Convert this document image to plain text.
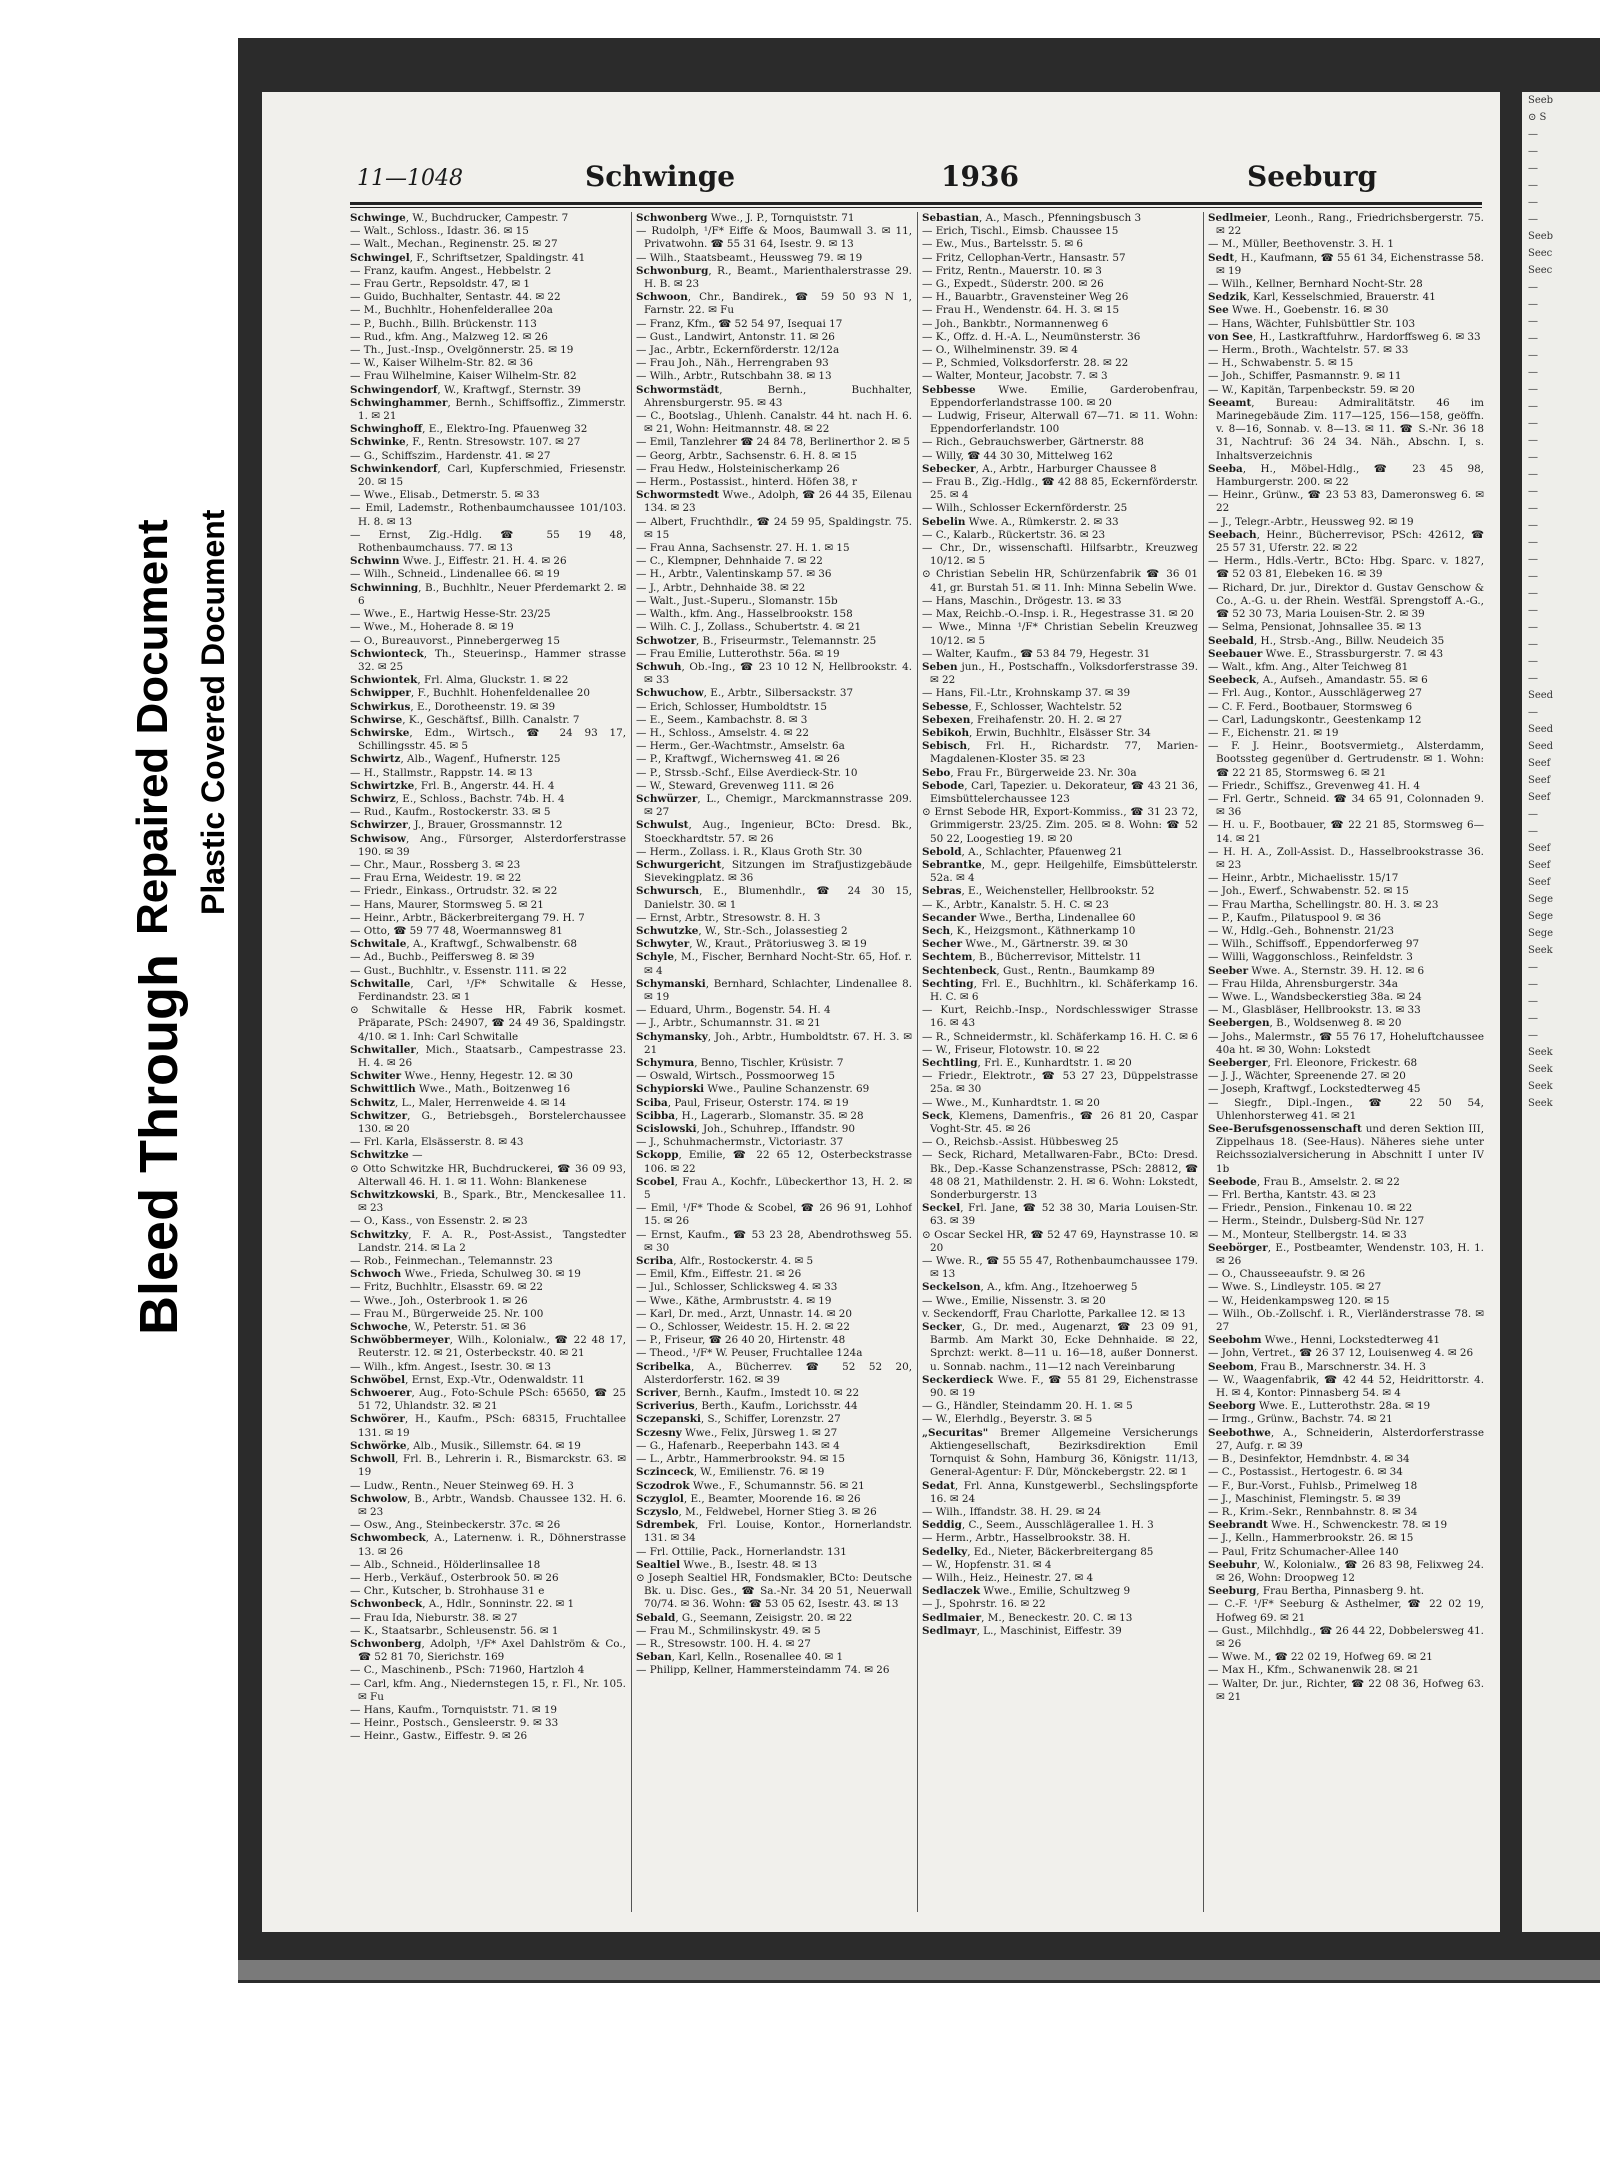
Bleed Through
Repaired Document Plastic Covered Document
Seeb
⊙ S
—
—
—
—
—
—
Seeb
Seec
Seec
—
—
—
—
—
—
—
—
—
—
—
—
—
—
—
—
—
—
—
—
—
—
—
—
Seed
—
Seed
Seed
Seef
Seef
Seef
—
—
Seef
Seef
Seef
Sege
Sege
Sege
Seek
—
—
—
—
—
Seek
Seek
Seek
Seek
11—1048	Schwinge	1936	Seeburg

Schwinge, W., Buchdrucker, Campestr. 7

— Walt., Schloss., Idastr. 36. ✉ 15

— Walt., Mechan., Reginenstr. 25. ✉ 27

Schwingel, F., Schriftsetzer, Spaldingstr. 41

— Franz, kaufm. Angest., Hebbelstr. 2

— Frau Gertr., Repsoldstr. 47, ✉ 1

— Guido, Buchhalter, Sentastr. 44. ✉ 22

— M., Buchhltr., Hohenfelderallee 20a

— P., Buchh., Billh. Brückenstr. 113

— Rud., kfm. Ang., Malzweg 12. ✉ 26

— Th., Just.-Insp., Ovelgönnerstr. 25. ✉ 19

— W., Kaiser Wilhelm-Str. 82. ✉ 36

— Frau Wilhelmine, Kaiser Wilhelm-Str. 82

Schwingendorf, W., Kraftwgf., Sternstr. 39

Schwinghammer, Bernh., Schiffsoffiz., Zimmerstr. 1. ✉ 21

Schwinghoff, E., Elektro-Ing. Pfauenweg 32

Schwinke, F., Rentn. Stresowstr. 107. ✉ 27

— G., Schiffszim., Hardenstr. 41. ✉ 27

Schwinkendorf, Carl, Kupferschmied, Friesenstr. 20. ✉ 15

— Wwe., Elisab., Detmerstr. 5. ✉ 33

— Emil, Lademstr., Rothenbaumchaussee 101/103. H. 8. ✉ 13

— Ernst, Zig.-Hdlg. ☎ 55 19 48, Rothenbaumchauss. 77. ✉ 13

Schwinn Wwe. J., Eiffestr. 21. H. 4. ✉ 26

— Wilh., Schneid., Lindenallee 66. ✉ 19

Schwinning, B., Buchhltr., Neuer Pferdemarkt 2. ✉ 6

— Wwe., E., Hartwig Hesse-Str. 23/25

— Wwe., M., Hoherade 8. ✉ 19

— O., Bureauvorst., Pinnebergerweg 15

Schwionteck, Th., Steuerinsp., Hammer strasse 32. ✉ 25

Schwiontek, Frl. Alma, Gluckstr. 1. ✉ 22

Schwipper, F., Buchhlt. Hohenfeldenallee 20

Schwirkus, E., Dorotheenstr. 19. ✉ 39

Schwirse, K., Geschäftsf., Billh. Canalstr. 7

Schwirske, Edm., Wirtsch., ☎ 24 93 17, Schillingsstr. 45. ✉ 5

Schwirtz, Alb., Wagenf., Hufnerstr. 125

— H., Stallmstr., Rappstr. 14. ✉ 13

Schwirtzke, Frl. B., Angerstr. 44. H. 4

Schwirz, E., Schloss., Bachstr. 74b. H. 4

— Rud., Kaufm., Rostockerstr. 33. ✉ 5

Schwirzer, J., Brauer, Grossmannstr. 12

Schwisow, Ang., Fürsorger, Alsterdorferstrasse 190. ✉ 39

— Chr., Maur., Rossberg 3. ✉ 23

— Frau Erna, Weidestr. 19. ✉ 22

— Friedr., Einkass., Ortrudstr. 32. ✉ 22

— Hans, Maurer, Stormsweg 5. ✉ 21

— Heinr., Arbtr., Bäckerbreitergang 79. H. 7

— Otto, ☎ 59 77 48, Woermannsweg 81

Schwitale, A., Kraftwgf., Schwalbenstr. 68

— Ad., Buchb., Peiffersweg 8. ✉ 39

— Gust., Buchhltr., v. Essenstr. 111. ✉ 22

Schwitalle, Carl, ¹/F* Schwitalle & Hesse, Ferdinandstr. 23. ✉ 1

⊙ Schwitalle & Hesse HR, Fabrik kosmet. Präparate, PSch: 24907, ☎ 24 49 36, Spaldingstr. 4/10. ✉ 1. Inh: Carl Schwitalle

Schwitaller, Mich., Staatsarb., Campestrasse 23. H. 4. ✉ 26

Schwiter Wwe., Henny, Hegestr. 12. ✉ 30

Schwittlich Wwe., Math., Boitzenweg 16

Schwitz, L., Maler, Herrenweide 4. ✉ 14

Schwitzer, G., Betriebsgeh., Borstelerchaussee 130. ✉ 20

— Frl. Karla, Elsässerstr. 8. ✉ 43

Schwitzke —

⊙ Otto Schwitzke HR, Buchdruckerei, ☎ 36 09 93, Alterwall 46. H. 1. ✉ 11. Wohn: Blankenese

Schwitzkowski, B., Spark., Btr., Menckesallee 11. ✉ 23

— O., Kass., von Essenstr. 2. ✉ 23

Schwitzky, F. A. R., Post-Assist., Tangstedter Landstr. 214. ✉ La 2

— Rob., Feinmechan., Telemannstr. 23

Schwoch Wwe., Frieda, Schulweg 30. ✉ 19

— Fritz, Buchhltr., Elsasstr. 69. ✉ 22

— Wwe., Joh., Osterbrook 1. ✉ 26

— Frau M., Bürgerweide 25. Nr. 100

Schwoche, W., Peterstr. 51. ✉ 36

Schwöbbermeyer, Wilh., Kolonialw., ☎ 22 48 17, Reuterstr. 12. ✉ 21, Osterbeckstr. 40. ✉ 21

— Wilh., kfm. Angest., Isestr. 30. ✉ 13

Schwöbel, Ernst, Exp.-Vtr., Odenwaldstr. 11

Schwoerer, Aug., Foto-Schule PSch: 65650, ☎ 25 51 72, Uhlandstr. 32. ✉ 21

Schwörer, H., Kaufm., PSch: 68315, Fruchtallee 131. ✉ 19

Schwörke, Alb., Musik., Sillemstr. 64. ✉ 19

Schwoll, Frl. B., Lehrerin i. R., Bismarckstr. 63. ✉ 19

— Ludw., Rentn., Neuer Steinweg 69. H. 3

Schwolow, B., Arbtr., Wandsb. Chaussee 132. H. 6. ✉ 23

— Osw., Ang., Steinbeckerstr. 37c. ✉ 26

Schwombeck, A., Laternenw. i. R., Döhnerstrasse 13. ✉ 26

— Alb., Schneid., Hölderlinsallee 18

— Herb., Verkäuf., Osterbrook 50. ✉ 26

— Chr., Kutscher, b. Strohhause 31 e

Schwonbeck, A., Hdlr., Sonninstr. 22. ✉ 1

— Frau Ida, Nieburstr. 38. ✉ 27

— K., Staatsarbr., Schleusenstr. 56. ✉ 1

Schwonberg, Adolph, ¹/F* Axel Dahlström & Co., ☎ 52 81 70, Sierichstr. 169

— C., Maschinenb., PSch: 71960, Hartzloh 4

— Carl, kfm. Ang., Niedernstegen 15, r. Fl., Nr. 105. ✉ Fu

— Hans, Kaufm., Tornquiststr. 71. ✉ 19

— Heinr., Postsch., Gensleerstr. 9. ✉ 33

— Heinr., Gastw., Eiffestr. 9. ✉ 26

Schwonberg Wwe., J. P., Tornquiststr. 71

— Rudolph, ¹/F* Eiffe & Moos, Baumwall 3. ✉ 11, Privatwohn. ☎ 55 31 64, Isestr. 9. ✉ 13

— Wilh., Staatsbeamt., Heussweg 79. ✉ 19

Schwonburg, R., Beamt., Marienthalerstrasse 29. H. B. ✉ 23

Schwoon, Chr., Bandirek., ☎ 59 50 93 N 1, Farnstr. 22. ✉ Fu

— Franz, Kfm., ☎ 52 54 97, Isequai 17

— Gust., Landwirt, Antonstr. 11. ✉ 26

— Jac., Arbtr., Eckernförderstr. 12/12a

— Frau Joh., Näh., Herrengraben 93

— Wilh., Arbtr., Rutschbahn 38. ✉ 13

Schwormstädt, Bernh., Buchhalter, Ahrensburgerstr. 95. ✉ 43

— C., Bootslag., Uhlenh. Canalstr. 44 ht. nach H. 6. ✉ 21, Wohn: Heitmannstr. 48. ✉ 22

— Emil, Tanzlehrer ☎ 24 84 78, Berlinerthor 2. ✉ 5

— Georg, Arbtr., Sachsenstr. 6. H. 8. ✉ 15

— Frau Hedw., Holsteinischerkamp 26

— Herm., Postassist., hinterd. Höfen 38, r

Schwormstedt Wwe., Adolph, ☎ 26 44 35, Eilenau 134. ✉ 23

— Albert, Fruchthdlr., ☎ 24 59 95, Spaldingstr. 75. ✉ 15

— Frau Anna, Sachsenstr. 27. H. 1. ✉ 15

— C., Klempner, Dehnhaide 7. ✉ 22

— H., Arbtr., Valentinskamp 57. ✉ 36

— J., Arbtr., Dehnhaide 38. ✉ 22

— Walt., Just.-Superu., Slomanstr. 15b

— Walth., kfm. Ang., Hasselbrookstr. 158

— Wilh. C. J., Zollass., Schubertstr. 4. ✉ 21

Schwotzer, B., Friseurmstr., Telemannstr. 25

— Frau Emilie, Lutterothstr. 56a. ✉ 19

Schwuh, Ob.-Ing., ☎ 23 10 12 N, Hellbrookstr. 4. ✉ 33

Schwuchow, E., Arbtr., Silbersackstr. 37

— Erich, Schlosser, Humboldtstr. 15

— E., Seem., Kambachstr. 8. ✉ 3

— H., Schloss., Amselstr. 4. ✉ 22

— Herm., Ger.-Wachtmstr., Amselstr. 6a

— P., Kraftwgf., Wichernsweg 41. ✉ 26

— P., Strssb.-Schf., Eilse Averdieck-Str. 10

— W., Steward, Grevenweg 111. ✉ 26

Schwürzer, L., Chemigr., Marckmannstrasse 209. ✉ 27

Schwulst, Aug., Ingenieur, BCto: Dresd. Bk., Stoeckhardtstr. 57. ✉ 26

— Herm., Zollass. i. R., Klaus Groth Str. 30

Schwurgericht, Sitzungen im Strafjustizgebäude Sievekingplatz. ✉ 36

Schwursch, E., Blumenhdlr., ☎ 24 30 15, Danielstr. 30. ✉ 1

— Ernst, Arbtr., Stresowstr. 8. H. 3

Schwutzke, W., Str.-Sch., Jolassestieg 2

Schwyter, W., Kraut., Prätoriusweg 3. ✉ 19

Schyle, M., Fischer, Bernhard Nocht-Str. 65, Hof. r. ✉ 4

Schymanski, Bernhard, Schlachter, Lindenallee 8. ✉ 19

— Eduard, Uhrm., Bogenstr. 54. H. 4

— J., Arbtr., Schumannstr. 31. ✉ 21

Schymansky, Joh., Arbtr., Humboldtstr. 67. H. 3. ✉ 21

Schymura, Benno, Tischler, Krüsistr. 7

— Oswald, Wirtsch., Possmoorweg 15

Schypiorski Wwe., Pauline Schanzenstr. 69

Sciba, Paul, Friseur, Osterstr. 174. ✉ 19

Scibba, H., Lagerarb., Slomanstr. 35. ✉ 28

Scislowski, Joh., Schuhrep., Iffandstr. 90

— J., Schuhmachermstr., Victoriastr. 37

Sckopp, Emilie, ☎ 22 65 12, Osterbeckstrasse 106. ✉ 22

Scobel, Frau A., Kochfr., Lübeckerthor 13, H. 2. ✉ 5

— Emil, ¹/F* Thode & Scobel, ☎ 26 96 91, Lohhof 15. ✉ 26

— Ernst, Kaufm., ☎ 53 23 28, Abendrothsweg 55. ✉ 30

Scriba, Alfr., Rostockerstr. 4. ✉ 5

— Emil, Kfm., Eiffestr. 21. ✉ 26

— Jul., Schlosser, Schlicksweg 4. ✉ 33

— Wwe., Käthe, Armbruststr. 4. ✉ 19

— Karl, Dr. med., Arzt, Unnastr. 14. ✉ 20

— O., Schlosser, Weidestr. 15. H. 2. ✉ 22

— P., Friseur, ☎ 26 40 20, Hirtenstr. 48

— Theod., ¹/F* W. Peuser, Fruchtallee 124a

Scribelka, A., Bücherrev. ☎ 52 52 20, Alsterdorferstr. 162. ✉ 39

Scriver, Bernh., Kaufm., Imstedt 10. ✉ 22

Scriverius, Berth., Kaufm., Lorichsstr. 44

Sczepanski, S., Schiffer, Lorenzstr. 27

Sczesny Wwe., Felix, Jürsweg 1. ✉ 27

— G., Hafenarb., Reeperbahn 143. ✉ 4

— L., Arbtr., Hammerbrookstr. 94. ✉ 15

Sczinceck, W., Emilienstr. 76. ✉ 19

Sczodrok Wwe., F., Schumannstr. 56. ✉ 21

Sczyglol, E., Beamter, Moorende 16. ✉ 26

Sczyslo, M., Feldwebel, Horner Stieg 3. ✉ 26

Sdrembek, Frl. Louise, Kontor., Hornerlandstr. 131. ✉ 34

— Frl. Ottilie, Pack., Hornerlandstr. 131

Sealtiel Wwe., B., Isestr. 48. ✉ 13

⊙ Joseph Sealtiel HR, Fondsmakler, BCto: Deutsche Bk. u. Disc. Ges., ☎ Sa.-Nr. 34 20 51, Neuerwall 70/74. ✉ 36. Wohn: ☎ 53 05 62, Isestr. 43. ✉ 13

Sebald, G., Seemann, Zeisigstr. 20. ✉ 22

— Frau M., Schmilinskystr. 49. ✉ 5

— R., Stresowstr. 100. H. 4. ✉ 27

Seban, Karl, Kelln., Rosenallee 40. ✉ 1

— Philipp, Kellner, Hammersteindamm 74. ✉ 26

Sebastian, A., Masch., Pfenningsbusch 3

— Erich, Tischl., Eimsb. Chaussee 15

— Ew., Mus., Bartelsstr. 5. ✉ 6

— Fritz, Cellophan-Vertr., Hansastr. 57

— Fritz, Rentn., Mauerstr. 10. ✉ 3

— G., Expedt., Süderstr. 200. ✉ 26

— H., Bauarbtr., Gravensteiner Weg 26

— Frau H., Wendenstr. 64. H. 3. ✉ 15

— Joh., Bankbtr., Normannenweg 6

— K., Offz. d. H.-A. L., Neumünsterstr. 36

— O., Wilhelminenstr. 39. ✉ 4

— P., Schmied, Volksdorferstr. 28. ✉ 22

— Walter, Monteur, Jacobstr. 7. ✉ 3

Sebbesse Wwe. Emilie, Garderobenfrau, Eppendorferlandstrasse 100. ✉ 20

— Ludwig, Friseur, Alterwall 67—71. ✉ 11. Wohn: Eppendorferlandstr. 100

— Rich., Gebrauchswerber, Gärtnerstr. 88

— Willy, ☎ 44 30 30, Mittelweg 162

Sebecker, A., Arbtr., Harburger Chaussee 8

— Frau B., Zig.-Hdlg., ☎ 42 88 85, Eckernförderstr. 25. ✉ 4

— Wilh., Schlosser Eckernförderstr. 25

Sebelin Wwe. A., Rümkerstr. 2. ✉ 33

— C., Kalarb., Rückertstr. 36. ✉ 23

— Chr., Dr., wissenschaftl. Hilfsarbtr., Kreuzweg 10/12. ✉ 5

⊙ Christian Sebelin HR, Schürzenfabrik ☎ 36 01 41, gr. Burstah 51. ✉ 11. Inh: Minna Sebelin Wwe.

— Hans, Maschin., Drögestr. 13. ✉ 33

— Max, Reichb.-O.-Insp. i. R., Hegestrasse 31. ✉ 20

— Wwe., Minna ¹/F* Christian Sebelin Kreuzweg 10/12. ✉ 5

— Walter, Kaufm., ☎ 53 84 79, Hegestr. 31

Seben jun., H., Postschaffn., Volksdorferstrasse 39. ✉ 22

— Hans, Fil.-Ltr., Krohnskamp 37. ✉ 39

Sebesse, F., Schlosser, Wachtelstr. 52

Sebexen, Freihafenstr. 20. H. 2. ✉ 27

Sebikoh, Erwin, Buchhltr., Elsässer Str. 34

Sebisch, Frl. H., Richardstr. 77, Marien-Magdalenen-Kloster 35. ✉ 23

Sebo, Frau Fr., Bürgerweide 23. Nr. 30a

Sebode, Carl, Tapezier. u. Dekorateur, ☎ 43 21 36, Eimsbüttelerchaussee 123

⊙ Ernst Sebode HR, Export-Kommiss., ☎ 31 23 72, Grimmigerstr. 23/25. Zim. 205. ✉ 8. Wohn: ☎ 52 50 22, Loogestieg 19. ✉ 20

Sebold, A., Schlachter, Pfauenweg 21

Sebrantke, M., gepr. Heilgehilfe, Eimsbüttelerstr. 52a. ✉ 4

Sebras, E., Weichensteller, Hellbrookstr. 52

— K., Arbtr., Kanalstr. 5. H. C. ✉ 23

Secander Wwe., Bertha, Lindenallee 60

Sech, K., Heizgsmont., Käthnerkamp 10

Secher Wwe., M., Gärtnerstr. 39. ✉ 30

Sechtem, B., Bücherrevisor, Mittelstr. 11

Sechtenbeck, Gust., Rentn., Baumkamp 89

Sechting, Frl. E., Buchhltrn., kl. Schäferkamp 16. H. C. ✉ 6

— Kurt, Reichb.-Insp., Nordschlesswiger Strasse 16. ✉ 43

— R., Schneidermstr., kl. Schäferkamp 16. H. C. ✉ 6

— W., Friseur, Flotowstr. 10. ✉ 22

Sechtling, Frl. E., Kunhardtstr. 1. ✉ 20

— Friedr., Elektrotr., ☎ 53 27 23, Düppelstrasse 25a. ✉ 30

— Wwe., M., Kunhardtstr. 1. ✉ 20

Seck, Klemens, Damenfris., ☎ 26 81 20, Caspar Voght-Str. 45. ✉ 26

— O., Reichsb.-Assist. Hübbesweg 25

— Seck, Richard, Metallwaren-Fabr., BCto: Dresd. Bk., Dep.-Kasse Schanzenstrasse, PSch: 28812, ☎ 48 08 21, Mathildenstr. 2. H. ✉ 6. Wohn: Lokstedt, Sonderburgerstr. 13

Seckel, Frl. Jane, ☎ 52 38 30, Maria Louisen-Str. 63. ✉ 39

⊙ Oscar Seckel HR, ☎ 52 47 69, Haynstrasse 10. ✉ 20

— Wwe. R., ☎ 55 55 47, Rothenbaumchaussee 179. ✉ 13

Seckelson, A., kfm. Ang., Itzehoerweg 5

— Wwe., Emilie, Nissenstr. 3. ✉ 20

v. Seckendorff, Frau Charlotte, Parkallee 12. ✉ 13

Secker, G., Dr. med., Augenarzt, ☎ 23 09 91, Barmb. Am Markt 30, Ecke Dehnhaide. ✉ 22, Sprchzt: werkt. 8—11 u. 16—18, außer Donnerst. u. Sonnab. nachm., 11—12 nach Vereinbarung

Seckerdieck Wwe. F., ☎ 55 81 29, Eichenstrasse 90. ✉ 19

— G., Händler, Steindamm 20. H. 1. ✉ 5

— W., Elerhdlg., Beyerstr. 3. ✉ 5

„Securitas" Bremer Allgemeine Versicherungs Aktiengesellschaft, Bezirksdirektion Emil Tornquist & Sohn, Hamburg 36, Königstr. 11/13, General-Agentur: F. Dür, Mönckebergstr. 22. ✉ 1

Sedat, Frl. Anna, Kunstgewerbl., Sechslingspforte 16. ✉ 24

— Wilh., Iffandstr. 38. H. 29. ✉ 24

Seddig, C., Seem., Ausschlägerallee 1. H. 3

— Herm., Arbtr., Hasselbrookstr. 38. H.

Sedelky, Ed., Nieter, Bäckerbreitergang 85

— W., Hopfenstr. 31. ✉ 4

— Wilh., Heiz., Heinestr. 27. ✉ 4

Sedlaczek Wwe., Emilie, Schultzweg 9

— J., Spohrstr. 16. ✉ 22

Sedlmaier, M., Beneckestr. 20. C. ✉ 13

Sedlmayr, L., Maschinist, Eiffestr. 39

Sedlmeier, Leonh., Rang., Friedrichsbergerstr. 75. ✉ 22

— M., Müller, Beethovenstr. 3. H. 1

Sedt, H., Kaufmann, ☎ 55 61 34, Eichenstrasse 58. ✉ 19

— Wilh., Kellner, Bernhard Nocht-Str. 28

Sedzik, Karl, Kesselschmied, Brauerstr. 41

See Wwe. H., Goebenstr. 16. ✉ 30

— Hans, Wächter, Fuhlsbüttler Str. 103

von See, H., Lastkraftfuhrw., Hardorffsweg 6. ✉ 33

— Herm., Broth., Wachtelstr. 57. ✉ 33

— H., Schwabenstr. 5. ✉ 15

— Joh., Schiffer, Pasmannstr. 9. ✉ 11

— W., Kapitän, Tarpenbeckstr. 59. ✉ 20

Seeamt, Bureau: Admiralitätstr. 46 im Marinegebäude Zim. 117—125, 156—158, geöffn. v. 8—16, Sonnab. v. 8—13. ✉ 11. ☎ S.-Nr. 36 18 31, Nachtruf: 36 24 34. Näh., Abschn. I, s. Inhaltsverzeichnis

Seeba, H., Möbel-Hdlg., ☎ 23 45 98, Hamburgerstr. 200. ✉ 22

— Heinr., Grünw., ☎ 23 53 83, Dameronsweg 6. ✉ 22

— J., Telegr.-Arbtr., Heussweg 92. ✉ 19

Seebach, Heinr., Bücherrevisor, PSch: 42612, ☎ 25 57 31, Uferstr. 22. ✉ 22

— Herm., Hdls.-Vertr., BCto: Hbg. Sparc. v. 1827, ☎ 52 03 81, Elebeken 16. ✉ 39

— Richard, Dr. jur., Direktor d. Gustav Genschow & Co., A.-G. u. der Rhein. Westfäl. Sprengstoff A.-G., ☎ 52 30 73, Maria Louisen-Str. 2. ✉ 39

— Selma, Pensionat, Johnsallee 35. ✉ 13

Seebald, H., Strsb.-Ang., Billw. Neudeich 35

Seebauer Wwe. E., Strassburgerstr. 7. ✉ 43

— Walt., kfm. Ang., Alter Teichweg 81

Seebeck, A., Aufseh., Amandastr. 55. ✉ 6

— Frl. Aug., Kontor., Ausschlägerweg 27

— C. F. Ferd., Bootbauer, Stormsweg 6

— Carl, Ladungskontr., Geestenkamp 12

— F., Eichenstr. 21. ✉ 19

— F. J. Heinr., Bootsvermietg., Alsterdamm, Bootssteg gegenüber d. Gertrudenstr. ✉ 1. Wohn: ☎ 22 21 85, Stormsweg 6. ✉ 21

— Friedr., Schiffsz., Grevenweg 41. H. 4

— Frl. Gertr., Schneid. ☎ 34 65 91, Colonnaden 9. ✉ 36

— H. u. F., Bootbauer, ☎ 22 21 85, Stormsweg 6—14. ✉ 21

— H. H. A., Zoll-Assist. D., Hasselbrookstrasse 36. ✉ 23

— Heinr., Arbtr., Michaelisstr. 15/17

— Joh., Ewerf., Schwabenstr. 52. ✉ 15

— Frau Martha, Schellingstr. 80. H. 3. ✉ 23

— P., Kaufm., Pilatuspool 9. ✉ 36

— W., Hdlg.-Geh., Bohnenstr. 21/23

— Wilh., Schiffsoff., Eppendorferweg 97

— Willi, Waggonschloss., Reinfeldstr. 3

Seeber Wwe. A., Sternstr. 39. H. 12. ✉ 6

— Frau Hilda, Ahrensburgerstr. 34a

— Wwe. L., Wandsbeckerstieg 38a. ✉ 24

— M., Glasbläser, Hellbrookstr. 13. ✉ 33

Seebergen, B., Woldsenweg 8. ✉ 20

— Johs., Malermstr., ☎ 55 76 17, Hoheluftchaussee 40a ht. ✉ 30, Wohn: Lokstedt

Seeberger, Frl. Eleonore, Frickestr. 68

— J. J., Wächter, Spreenende 27. ✉ 20

— Joseph, Kraftwgf., Lockstedterweg 45

— Siegfr., Dipl.-Ingen., ☎ 22 50 54, Uhlenhorsterweg 41. ✉ 21

See-Berufsgenossenschaft und deren Sektion III, Zippelhaus 18. (See-Haus). Näheres siehe unter Reichssozialversicherung in Abschnitt I unter IV 1b

Seebode, Frau B., Amselstr. 2. ✉ 22

— Frl. Bertha, Kantstr. 43. ✉ 23

— Friedr., Pension., Finkenau 10. ✉ 22

— Herm., Steindr., Dulsberg-Süd Nr. 127

— M., Monteur, Stellbergstr. 14. ✉ 33

Seebörger, E., Postbeamter, Wendenstr. 103, H. 1. ✉ 26

— O., Chausseeaufstr. 9. ✉ 26

— Wwe. S., Lindleystr. 105. ✉ 27

— W., Heidenkampsweg 120. ✉ 15

— Wilh., Ob.-Zollschf. i. R., Vierländerstrasse 78. ✉ 27

Seebohm Wwe., Henni, Lockstedterweg 41

— John, Vertret., ☎ 26 37 12, Louisenweg 4. ✉ 26

Seebom, Frau B., Marschnerstr. 34. H. 3

— W., Waagenfabrik, ☎ 42 44 52, Heidrittorstr. 4. H. ✉ 4, Kontor: Pinnasberg 54. ✉ 4

Seeborg Wwe. E., Lutterothstr. 28a. ✉ 19

— Irmg., Grünw., Bachstr. 74. ✉ 21

Seebothwe, A., Schneiderin, Alsterdorferstrasse 27, Aufg. r. ✉ 39

— B., Desinfektor, Hemdnbstr. 4. ✉ 34

— C., Postassist., Hertogestr. 6. ✉ 34

— F., Bur.-Vorst., Fuhlsb., Primelweg 18

— J., Maschinist, Flemingstr. 5. ✉ 39

— R., Krim.-Sekr., Rennbahnstr. 8. ✉ 34

Seebrandt Wwe. H., Schwenckestr. 78. ✉ 19

— J., Kelln., Hammerbrookstr. 26. ✉ 15

— Paul, Fritz Schumacher-Allee 140

Seebuhr, W., Kolonialw., ☎ 26 83 98, Felixweg 24. ✉ 26, Wohn: Droopweg 12

Seeburg, Frau Bertha, Pinnasberg 9. ht.

— C.-F. ¹/F* Seeburg & Asthelmer, ☎ 22 02 19, Hofweg 69. ✉ 21

— Gust., Milchhdlg., ☎ 26 44 22, Dobbelersweg 41. ✉ 26

— Wwe. M., ☎ 22 02 19, Hofweg 69. ✉ 21

— Max H., Kfm., Schwanenwik 28. ✉ 21

— Walter, Dr. jur., Richter, ☎ 22 08 36, Hofweg 63. ✉ 21
